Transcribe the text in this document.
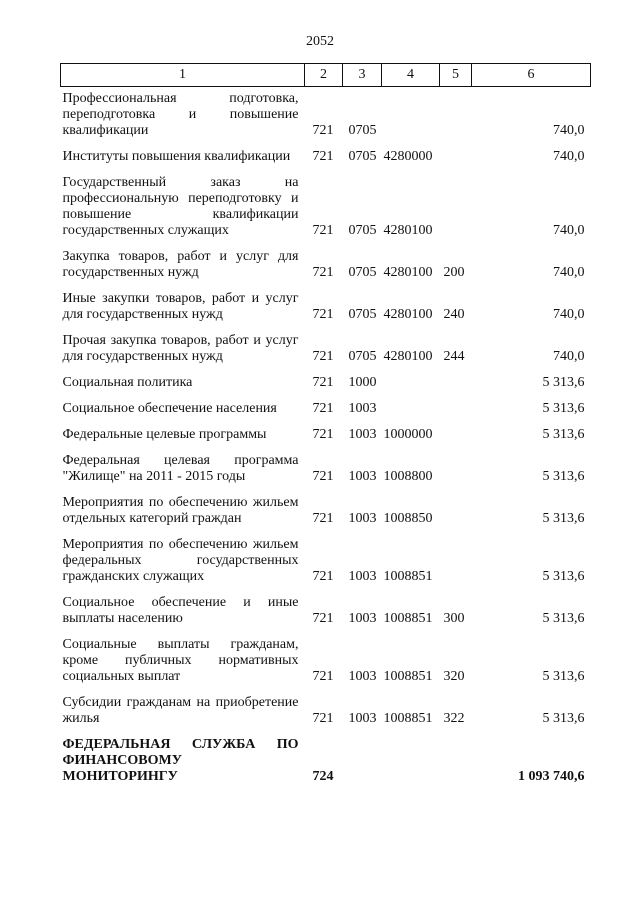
2052
1	2	3	4	5	6
Профессиональная подготовка, переподготовка и повышение квалификации	721	0705			740,0
Институты повышения квалификации	721	0705	4280000		740,0
Государственный заказ на профессиональную переподготовку и повышение квалификации государственных служащих	721	0705	4280100		740,0
Закупка товаров, работ и услуг для государственных нужд	721	0705	4280100	200	740,0
Иные закупки товаров, работ и услуг для государственных нужд	721	0705	4280100	240	740,0
Прочая закупка товаров, работ и услуг для государственных нужд	721	0705	4280100	244	740,0
Социальная политика	721	1000			5 313,6
Социальное обеспечение населения	721	1003			5 313,6
Федеральные целевые программы	721	1003	1000000		5 313,6
Федеральная целевая программа "Жилище" на 2011 - 2015 годы	721	1003	1008800		5 313,6
Мероприятия по обеспечению жильем отдельных категорий граждан	721	1003	1008850		5 313,6
Мероприятия по обеспечению жильем федеральных государственных гражданских служащих	721	1003	1008851		5 313,6
Социальное обеспечение и иные выплаты населению	721	1003	1008851	300	5 313,6
Социальные выплаты гражданам, кроме публичных нормативных социальных выплат	721	1003	1008851	320	5 313,6
Субсидии гражданам на приобретение жилья	721	1003	1008851	322	5 313,6
ФЕДЕРАЛЬНАЯ СЛУЖБА ПО ФИНАНСОВОМУ МОНИТОРИНГУ	724				1 093 740,6
